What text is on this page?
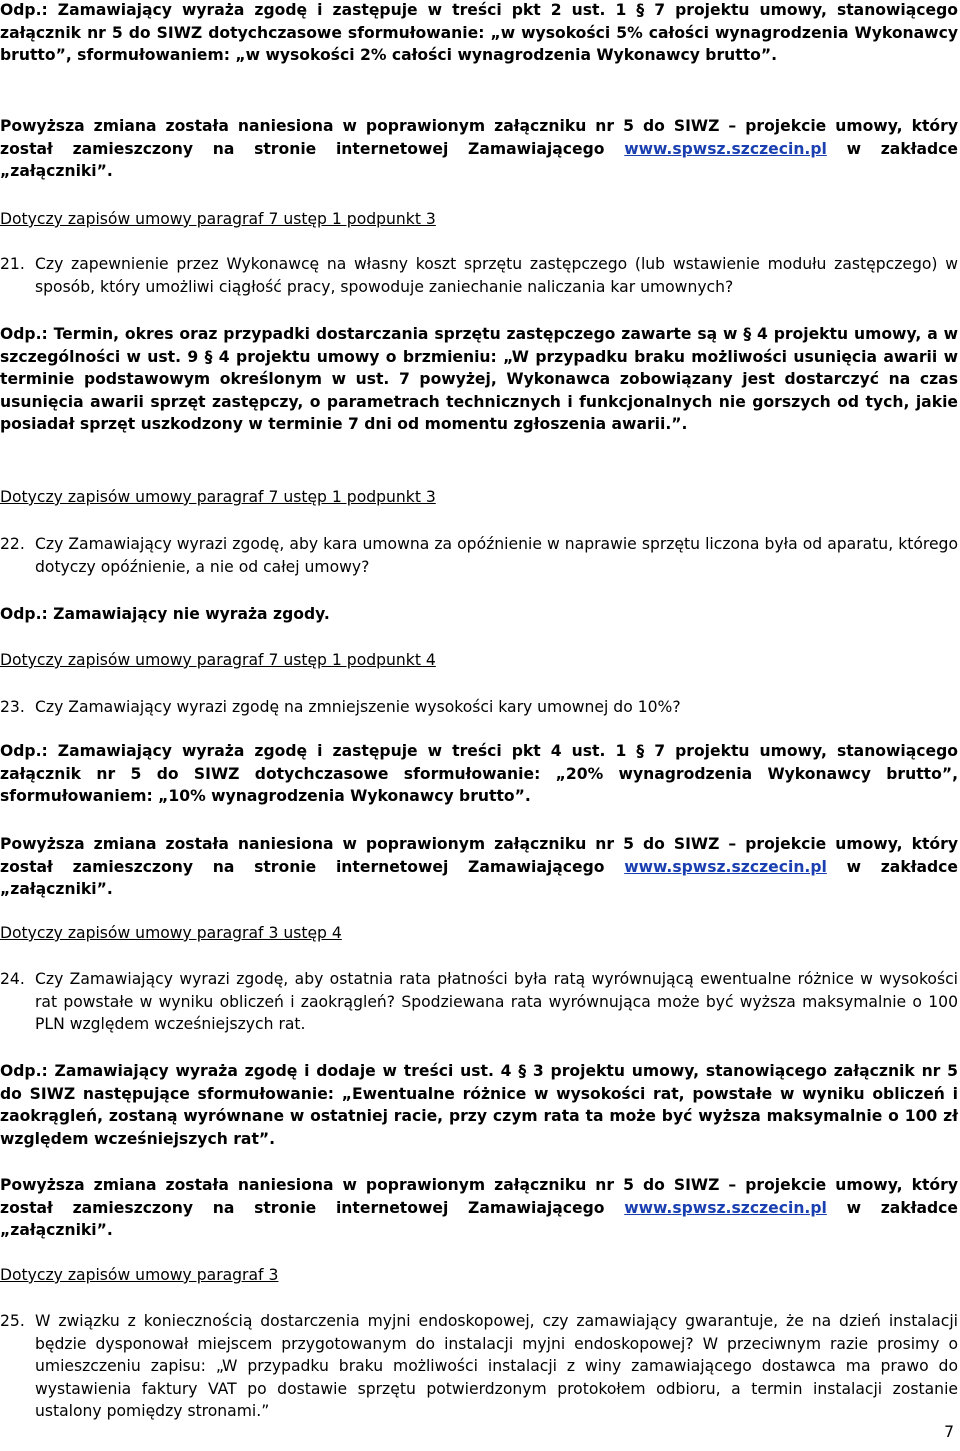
Odp.: Zamawiający wyraża zgodę i zastępuje w treści pkt 2 ust. 1 § 7 projektu umowy, stanowiącego załącznik nr 5 do SIWZ dotychczasowe sformułowanie: „w wysokości 5% całości wynagrodzenia Wykonawcy brutto”, sformułowaniem: „w wysokości 2% całości wynagrodzenia Wykonawcy brutto”.

Powyższa zmiana została naniesiona w poprawionym załączniku nr 5 do SIWZ – projekcie umowy, który został zamieszczony na stronie internetowej Zamawiającego www.spwsz.szczecin.pl w zakładce „załączniki”.

Dotyczy zapisów umowy paragraf 7 ustęp 1 podpunkt 3

21. Czy zapewnienie przez Wykonawcę na własny koszt sprzętu zastępczego (lub wstawienie modułu zastępczego) w sposób, który umożliwi ciągłość pracy, spowoduje zaniechanie naliczania kar umownych?

Odp.: Termin, okres oraz przypadki dostarczania sprzętu zastępczego zawarte są w § 4 projektu umowy, a w szczególności w ust. 9 § 4 projektu umowy o brzmieniu: „W przypadku braku możliwości usunięcia awarii w terminie podstawowym określonym w ust. 7 powyżej, Wykonawca zobowiązany jest dostarczyć na czas usunięcia awarii sprzęt zastępczy, o parametrach technicznych i funkcjonalnych nie gorszych od tych, jakie posiadał sprzęt uszkodzony w terminie 7 dni od momentu zgłoszenia awarii.”.

Dotyczy zapisów umowy paragraf 7 ustęp 1 podpunkt 3

22. Czy Zamawiający wyrazi zgodę, aby kara umowna za opóźnienie w naprawie sprzętu liczona była od aparatu, którego dotyczy opóźnienie, a nie od całej umowy?

Odp.: Zamawiający nie wyraża zgody.

Dotyczy zapisów umowy paragraf 7 ustęp 1 podpunkt 4

23. Czy Zamawiający wyrazi zgodę na zmniejszenie wysokości kary umownej do 10%?

Odp.: Zamawiający wyraża zgodę i zastępuje w treści pkt 4 ust. 1 § 7 projektu umowy, stanowiącego załącznik nr 5 do SIWZ dotychczasowe sformułowanie: „20% wynagrodzenia Wykonawcy brutto”, sformułowaniem: „10% wynagrodzenia Wykonawcy brutto”.

Powyższa zmiana została naniesiona w poprawionym załączniku nr 5 do SIWZ – projekcie umowy, który został zamieszczony na stronie internetowej Zamawiającego www.spwsz.szczecin.pl w zakładce „załączniki”.

Dotyczy zapisów umowy paragraf 3 ustęp 4

24. Czy Zamawiający wyrazi zgodę, aby ostatnia rata płatności była ratą wyrównującą ewentualne różnice w wysokości rat powstałe w wyniku obliczeń i zaokrągleń? Spodziewana rata wyrównująca może być wyższa maksymalnie o 100 PLN względem wcześniejszych rat.

Odp.: Zamawiający wyraża zgodę i dodaje w treści ust. 4 § 3 projektu umowy, stanowiącego załącznik nr 5 do SIWZ następujące sformułowanie: „Ewentualne różnice w wysokości rat, powstałe w wyniku obliczeń i zaokrągleń, zostaną wyrównane w ostatniej racie, przy czym rata ta może być wyższa maksymalnie o 100 zł względem wcześniejszych rat”.

Powyższa zmiana została naniesiona w poprawionym załączniku nr 5 do SIWZ – projekcie umowy, który został zamieszczony na stronie internetowej Zamawiającego www.spwsz.szczecin.pl w zakładce „załączniki”.

Dotyczy zapisów umowy paragraf 3

25. W związku z koniecznością dostarczenia myjni endoskopowej, czy zamawiający gwarantuje, że na dzień instalacji będzie dysponował miejscem przygotowanym do instalacji myjni endoskopowej? W przeciwnym razie prosimy o umieszczeniu zapisu: „W przypadku braku możliwości instalacji z winy zamawiającego dostawca ma prawo do wystawienia faktury VAT po dostawie sprzętu potwierdzonym protokołem odbioru, a termin instalacji zostanie ustalony pomiędzy stronami.”
7
